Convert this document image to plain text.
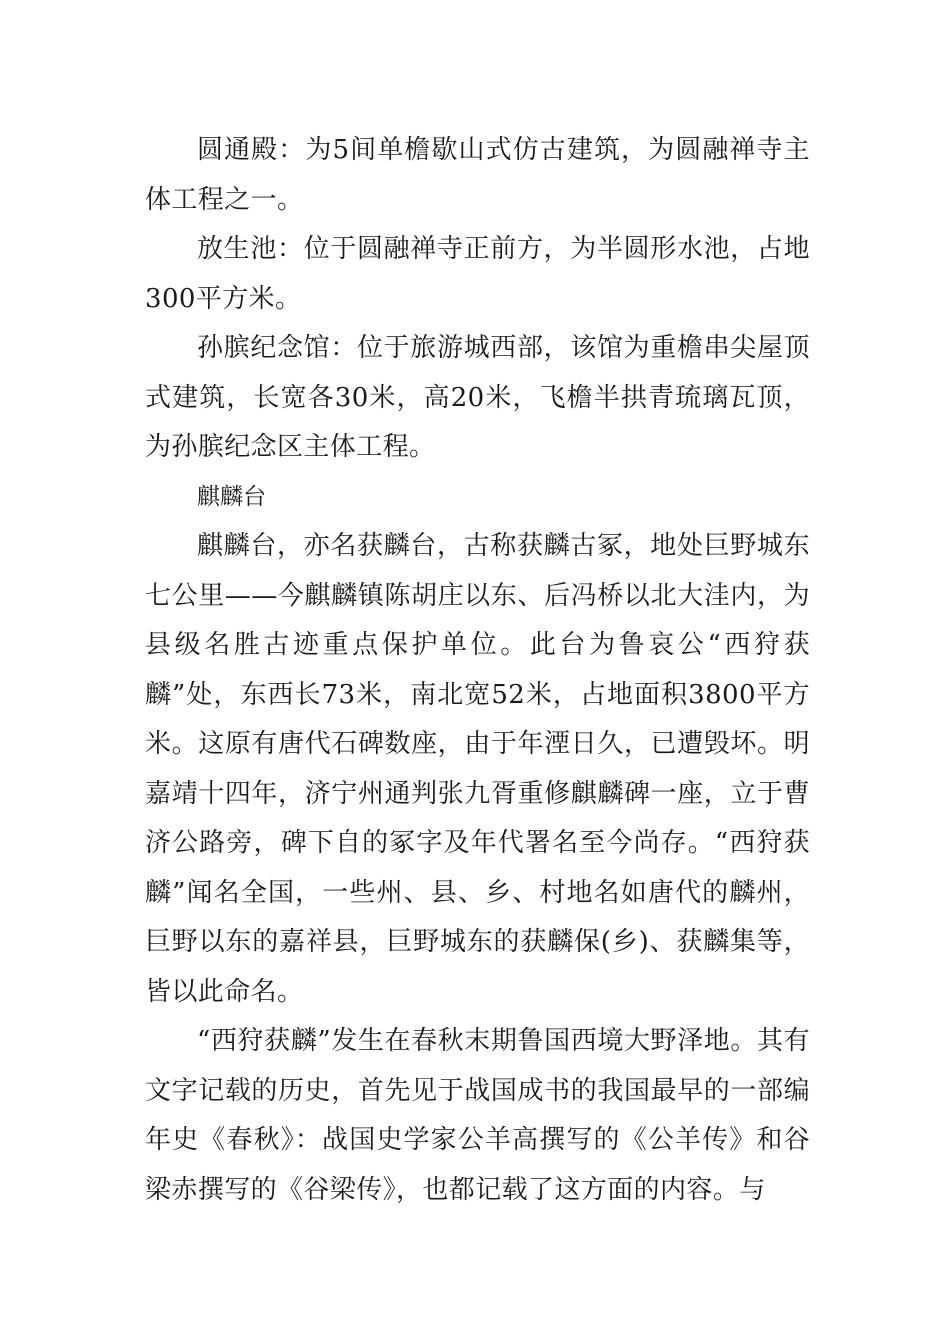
圆通殿：为5间单檐歇山式仿古建筑，为圆融禅寺主体工程之一。

放生池：位于圆融禅寺正前方，为半圆形水池，占地300平方米。

孙膑纪念馆：位于旅游城西部，该馆为重檐串尖屋顶式建筑，长宽各30米，高20米，飞檐半拱青琉璃瓦顶，为孙膑纪念区主体工程。

麒麟台

麒麟台，亦名获麟台，古称获麟古冢，地处巨野城东七公里——今麒麟镇陈胡庄以东、后冯桥以北大洼内，为县级名胜古迹重点保护单位。此台为鲁哀公“西狩获麟”处，东西长73米，南北宽52米，占地面积3800平方米。这原有唐代石碑数座，由于年湮日久，已遭毁坏。明嘉靖十四年，济宁州通判张九胥重修麒麟碑一座，立于曹济公路旁，碑下自的冢字及年代署名至今尚存。“西狩获麟”闻名全国，一些州、县、乡、村地名如唐代的麟州，巨野以东的嘉祥县，巨野城东的获麟保(乡)、获麟集等，皆以此命名。

“西狩获麟”发生在春秋末期鲁国西境大野泽地。其有文字记载的历史，首先见于战国成书的我国最早的一部编年史《春秋》：战国史学家公羊高撰写的《公羊传》和谷梁赤撰写的《谷梁传》，也都记载了这方面的内容。与
